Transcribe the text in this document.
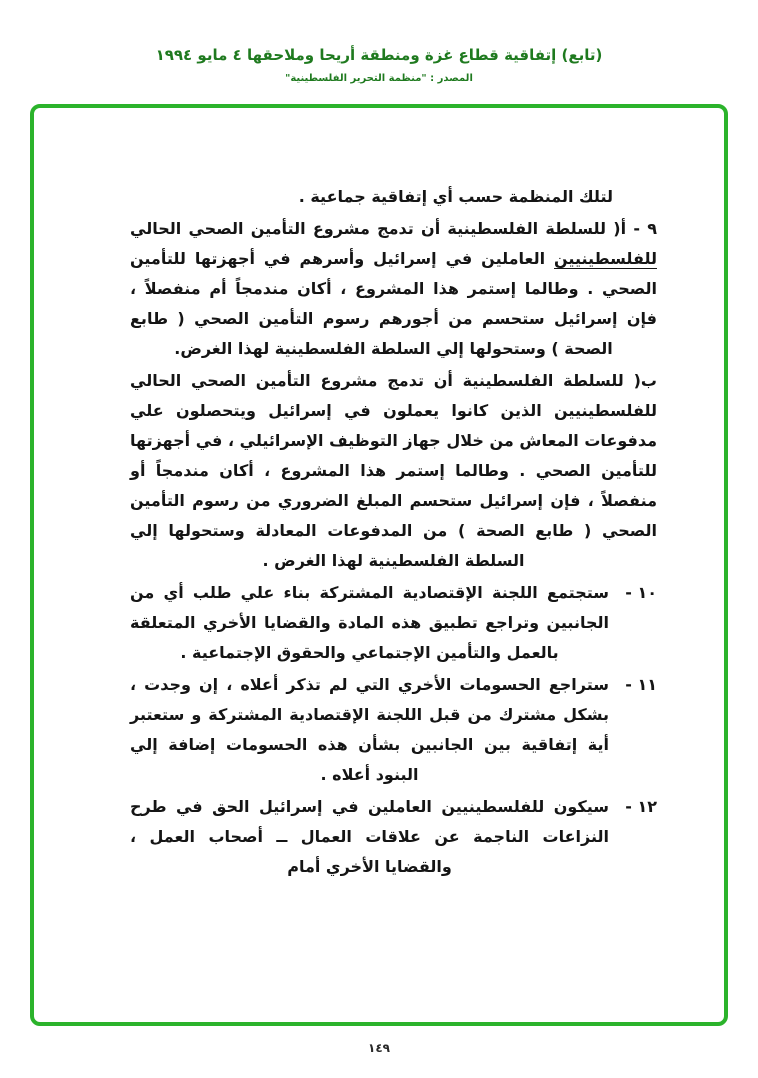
(تابع) إتفاقية قطاع غزة ومنطقة أريحا وملاحقها ٤ مايو ١٩٩٤
المصدر : "منظمة التحرير الفلسطينية"

لتلك المنظمة حسب أي إتفاقية جماعية .

٩ - أ( للسلطة الفلسطينية أن تدمج مشروع التأمين الصحي الحالي للفلسطينيين العاملين في إسرائيل وأسرهم في أجهزتها للتأمين الصحي . وطالما إستمر هذا المشروع ، أكان مندمجاً أم منفصلاً ، فإن إسرائيل ستحسم من أجورهم رسوم التأمين الصحي ( طابع الصحة ) وستحولها إلي السلطة الفلسطينية لهذا الغرض.

ب( للسلطة الفلسطينية أن تدمج مشروع التأمين الصحي الحالي للفلسطينيين الذين كانوا يعملون في إسرائيل ويتحصلون علي مدفوعات المعاش من خلال جهاز التوظيف الإسرائيلي ، في أجهزتها للتأمين الصحي . وطالما إستمر هذا المشروع ، أكان مندمجاً أو منفصلاً ، فإن إسرائيل ستحسم المبلغ الضروري من رسوم التأمين الصحي ( طابع الصحة ) من المدفوعات المعادلة وستحولها إلي السلطة الفلسطينية لهذا الغرض .

١٠ -
ستجتمع اللجنة الإقتصادية المشتركة بناء علي طلب أي من الجانبين وتراجع تطبيق هذه المادة والقضايا الأخري المتعلقة بالعمل والتأمين الإجتماعي والحقوق الإجتماعية .

١١ -
ستراجع الحسومات الأخري التي لم تذكر أعلاه ، إن وجدت ، بشكل مشترك من قبل اللجنة الإقتصادية المشتركة و ستعتبر أية إتفاقية بين الجانبين بشأن هذه الحسومات إضافة إلي البنود أعلاه .

١٢ -
سيكون للفلسطينيين العاملين في إسرائيل الحق في طرح النزاعات الناجمة عن علاقات العمال ــ أصحاب العمل ، والقضايا الأخري أمام

١٤٩
